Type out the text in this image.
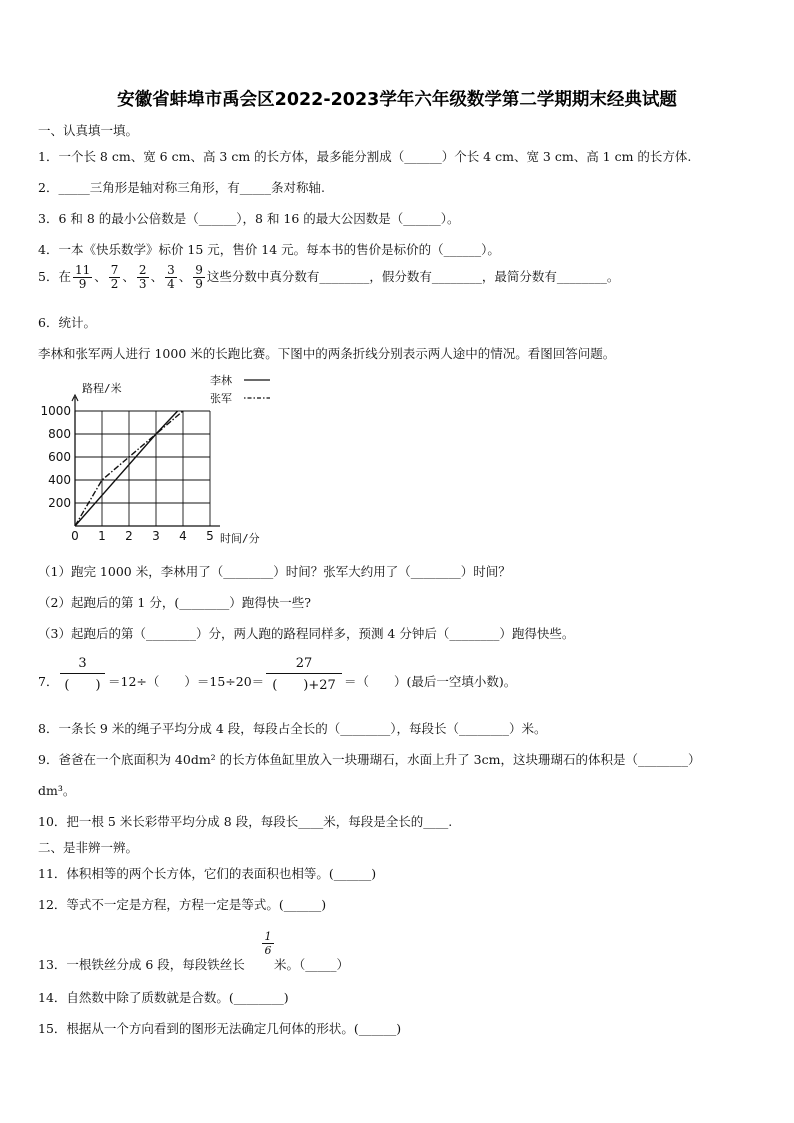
安徽省蚌埠市禹会区2022-2023学年六年级数学第二学期期末经典试题
一、认真填一填。
1．一个长 8 cm、宽 6 cm、高 3 cm 的长方体，最多能分割成（______）个长 4 cm、宽 3 cm、高 1 cm 的长方体.
2．_____三角形是轴对称三角形，有_____条对称轴.
3．6 和 8 的最小公倍数是（______），8 和 16 的最大公因数是（______）。
4．一本《快乐数学》标价 15 元，售价 14 元。每本书的售价是标价的（______）。
5．在 $\frac{11}{9}$ 、 $\frac{7}{2}$ 、 $\frac{2}{3}$ 、 $\frac{3}{4}$ 、 $\frac{9}{9}$ 这些分数中真分数有________，假分数有________，最简分数有________。
6．统计。
李林和张军两人进行 1000 米的长跑比赛。下图中的两条折线分别表示两人途中的情况。看图回答问题。
0 1 2 3 4 5
200
400
600
800
1000
路程/米
时间/分
李林
张军
（1）跑完 1000 米，李林用了（________）时间？张军大约用了（________）时间？
（2）起跑后的第 1 分，(________）跑得快一些?
（3）起跑后的第（________）分，两人跑的路程同样多，预测 4 分钟后（________）跑得快些。
7．
3
(　　) ＝12÷（　　）＝15÷20＝
27
(　　)+27 ＝（　　）(最后一空填小数)。
8．一条长 9 米的绳子平均分成 4 段，每段占全长的（________），每段长（________）米。
9．爸爸在一个底面积为 40dm² 的长方体鱼缸里放入一块珊瑚石，水面上升了 3cm，这块珊瑚石的体积是（________）
dm³。
10．把一根 5 米长彩带平均分成 8 段，每段长____米，每段是全长的____.
二、是非辨一辨。
11．体积相等的两个长方体，它们的表面积也相等。(______)
12．等式不一定是方程，方程一定是等式。(______)
13．一根铁丝分成 6 段，每段铁丝长
$\frac{1}{6}$
米。（_____）
14．自然数中除了质数就是合数。(________)
15．根据从一个方向看到的图形无法确定几何体的形状。(______)
